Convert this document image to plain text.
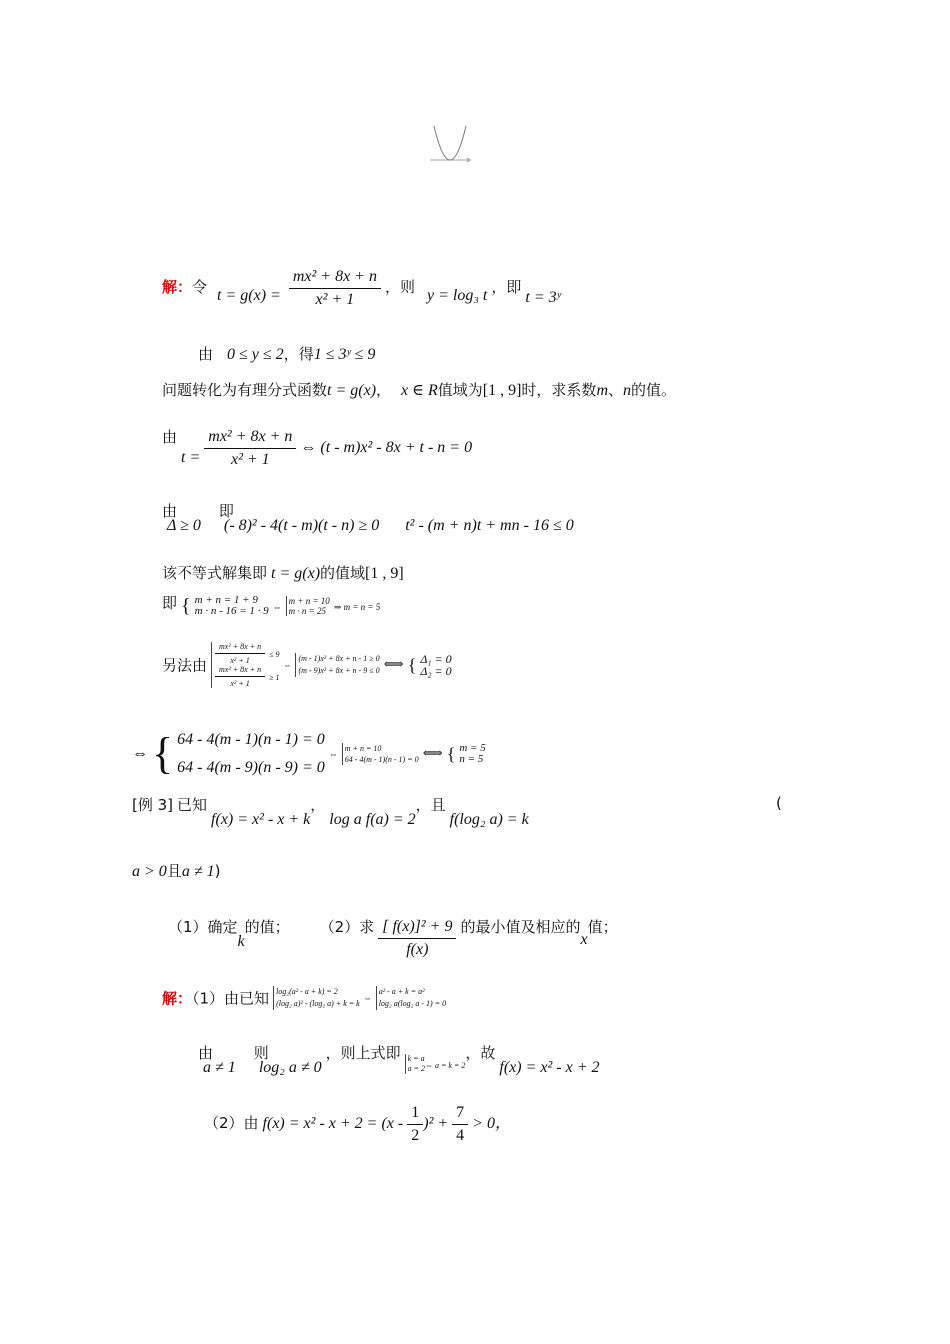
解：令 $t = g(x) = \frac{\text{mx² + 8x + n}}{\text{x² + 1}}$ ，则 y = log₃ t ，即 t = 3ʸ
由 0 ≤ y ≤ 2，得1 ≤ 3ʸ ≤ 9
问题转化为有理分式函数t = g(x)， x ∈ R值域为[1 , 9]时，求系数m、n的值。
由 $t = \frac{\text{mx² + 8x + n}}{\text{x² + 1}}$ ⇔ (t - m)x² - 8x + t - n = 0
由 Δ ≥ 0 即 (- 8)² - 4(t - m)(t - n) ≥ 0 t² - (m + n)t + mn - 16 ≤ 0
该不等式解集即 t = g(x)的值域[1 , 9]
即 { m + n = 1 + 9
m · n - 16 = 1 · 9 ⇔
m + n = 10
m · n = 25 ⇒ m = n = 5
另法由
$\frac{\text{mx² + 8x + n}}{\text{x² + 1}} \le 9$
$\frac{\text{mx² + 8x + n}}{\text{x² + 1}} \ge 1$
⇔
(m - 1)x² + 8x + n - 1 ≥ 0
(m - 9)x² + 8x + n - 9 ≤ 0 ⟺ { Δ₁ = 0
Δ₂ = 0
⇔ { 64 - 4(m - 1)(n - 1) = 0
64 - 4(m - 9)(n - 9) = 0
⇔
m + n = 10
64 - 4(m - 1)(n - 1) = 0 ⟺ { m = 5
n = 5
[例 3] 已知 f(x) = x² - x + k， log a f(a) = 2，且 f(log₂ a) = k
(
a > 0且a ≠ 1)
（1）确定k的值； （2）求 $\frac{\text{[ f(x)]² + 9}}{f(x)}$ 的最小值及相应的x值；
解：（1）由已知 log₂(a² - a + k) = 2
(log₂ a)² - (log₂ a) + k = k
⇔
a² - a + k = a²
log₂ a(log₂ a - 1) = 0
由 a ≠ 1 则 log₂ a ≠ 0，则上式即 k = a
a = 2 $_{\Leftrightarrow a = k = 2}$，故 f(x) = x² - x + 2
（2）由 $f(x) = x^2 - x + 2 = (x - \frac{1}{2} )^2 + \frac{7}{4} > 0$，
